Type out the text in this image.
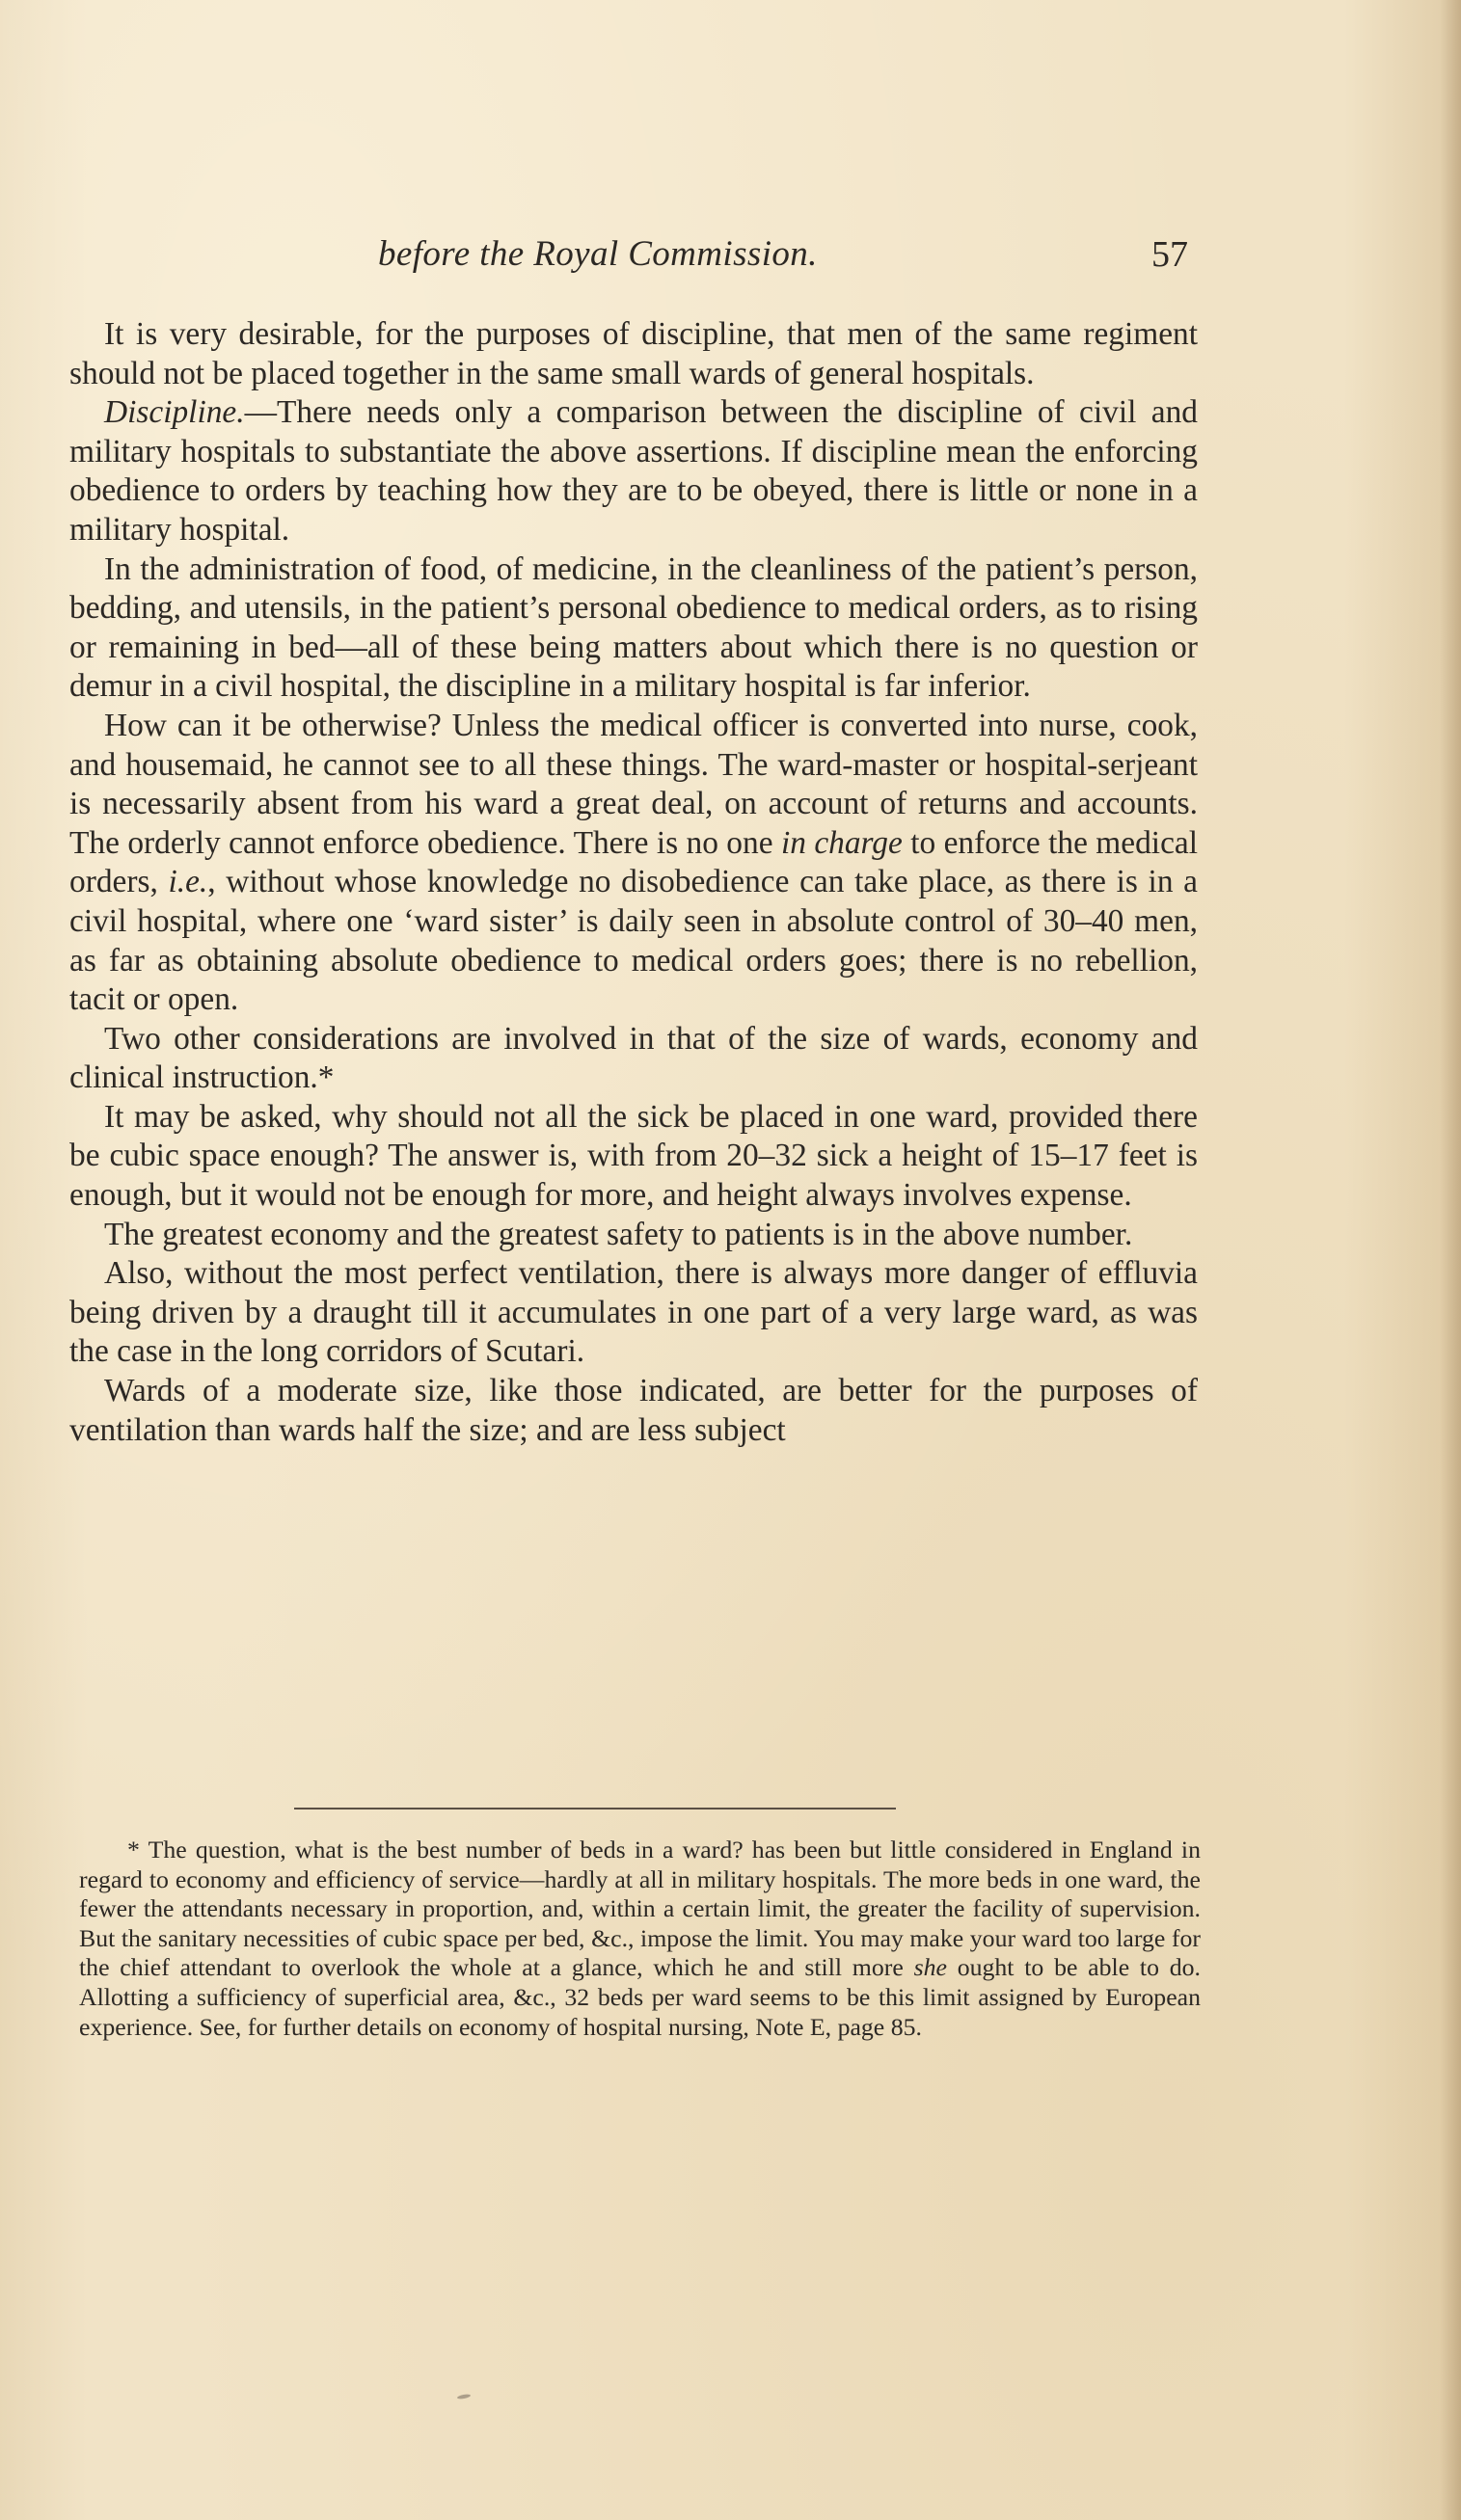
before the Royal Commission.	57

It is very desirable, for the purposes of discipline, that men of the same regiment should not be placed together in the same small wards of general hospitals.

Discipline.—There needs only a comparison between the discipline of civil and military hospitals to substantiate the above assertions. If discipline mean the enforcing obedience to orders by teaching how they are to be obeyed, there is little or none in a military hospital.

In the administration of food, of medicine, in the cleanliness of the patient’s person, bedding, and utensils, in the patient’s personal obedience to medical orders, as to rising or remaining in bed—all of these being matters about which there is no question or demur in a civil hospital, the discipline in a military hospital is far inferior.

How can it be otherwise? Unless the medical officer is converted into nurse, cook, and housemaid, he cannot see to all these things. The ward-master or hospital-serjeant is necessarily absent from his ward a great deal, on account of returns and accounts. The orderly cannot enforce obedience. There is no one in charge to enforce the medical orders, i.e., without whose knowledge no disobedience can take place, as there is in a civil hospital, where one ‘ward sister’ is daily seen in absolute control of 30–40 men, as far as obtaining absolute obedience to medical orders goes; there is no rebellion, tacit or open.

Two other considerations are involved in that of the size of wards, economy and clinical instruction.*

It may be asked, why should not all the sick be placed in one ward, provided there be cubic space enough? The answer is, with from 20–32 sick a height of 15–17 feet is enough, but it would not be enough for more, and height always involves expense.

The greatest economy and the greatest safety to patients is in the above number.

Also, without the most perfect ventilation, there is always more danger of effluvia being driven by a draught till it accumulates in one part of a very large ward, as was the case in the long corridors of Scutari.

Wards of a moderate size, like those indicated, are better for the purposes of ventilation than wards half the size; and are less subject

* The question, what is the best number of beds in a ward? has been but little considered in England in regard to economy and efficiency of service—hardly at all in military hospitals. The more beds in one ward, the fewer the attendants necessary in proportion, and, within a certain limit, the greater the facility of supervision. But the sanitary necessities of cubic space per bed, &c., impose the limit. You may make your ward too large for the chief attendant to overlook the whole at a glance, which he and still more she ought to be able to do. Allotting a sufficiency of superficial area, &c., 32 beds per ward seems to be this limit assigned by European experience. See, for further details on economy of hospital nursing, Note E, page 85.
